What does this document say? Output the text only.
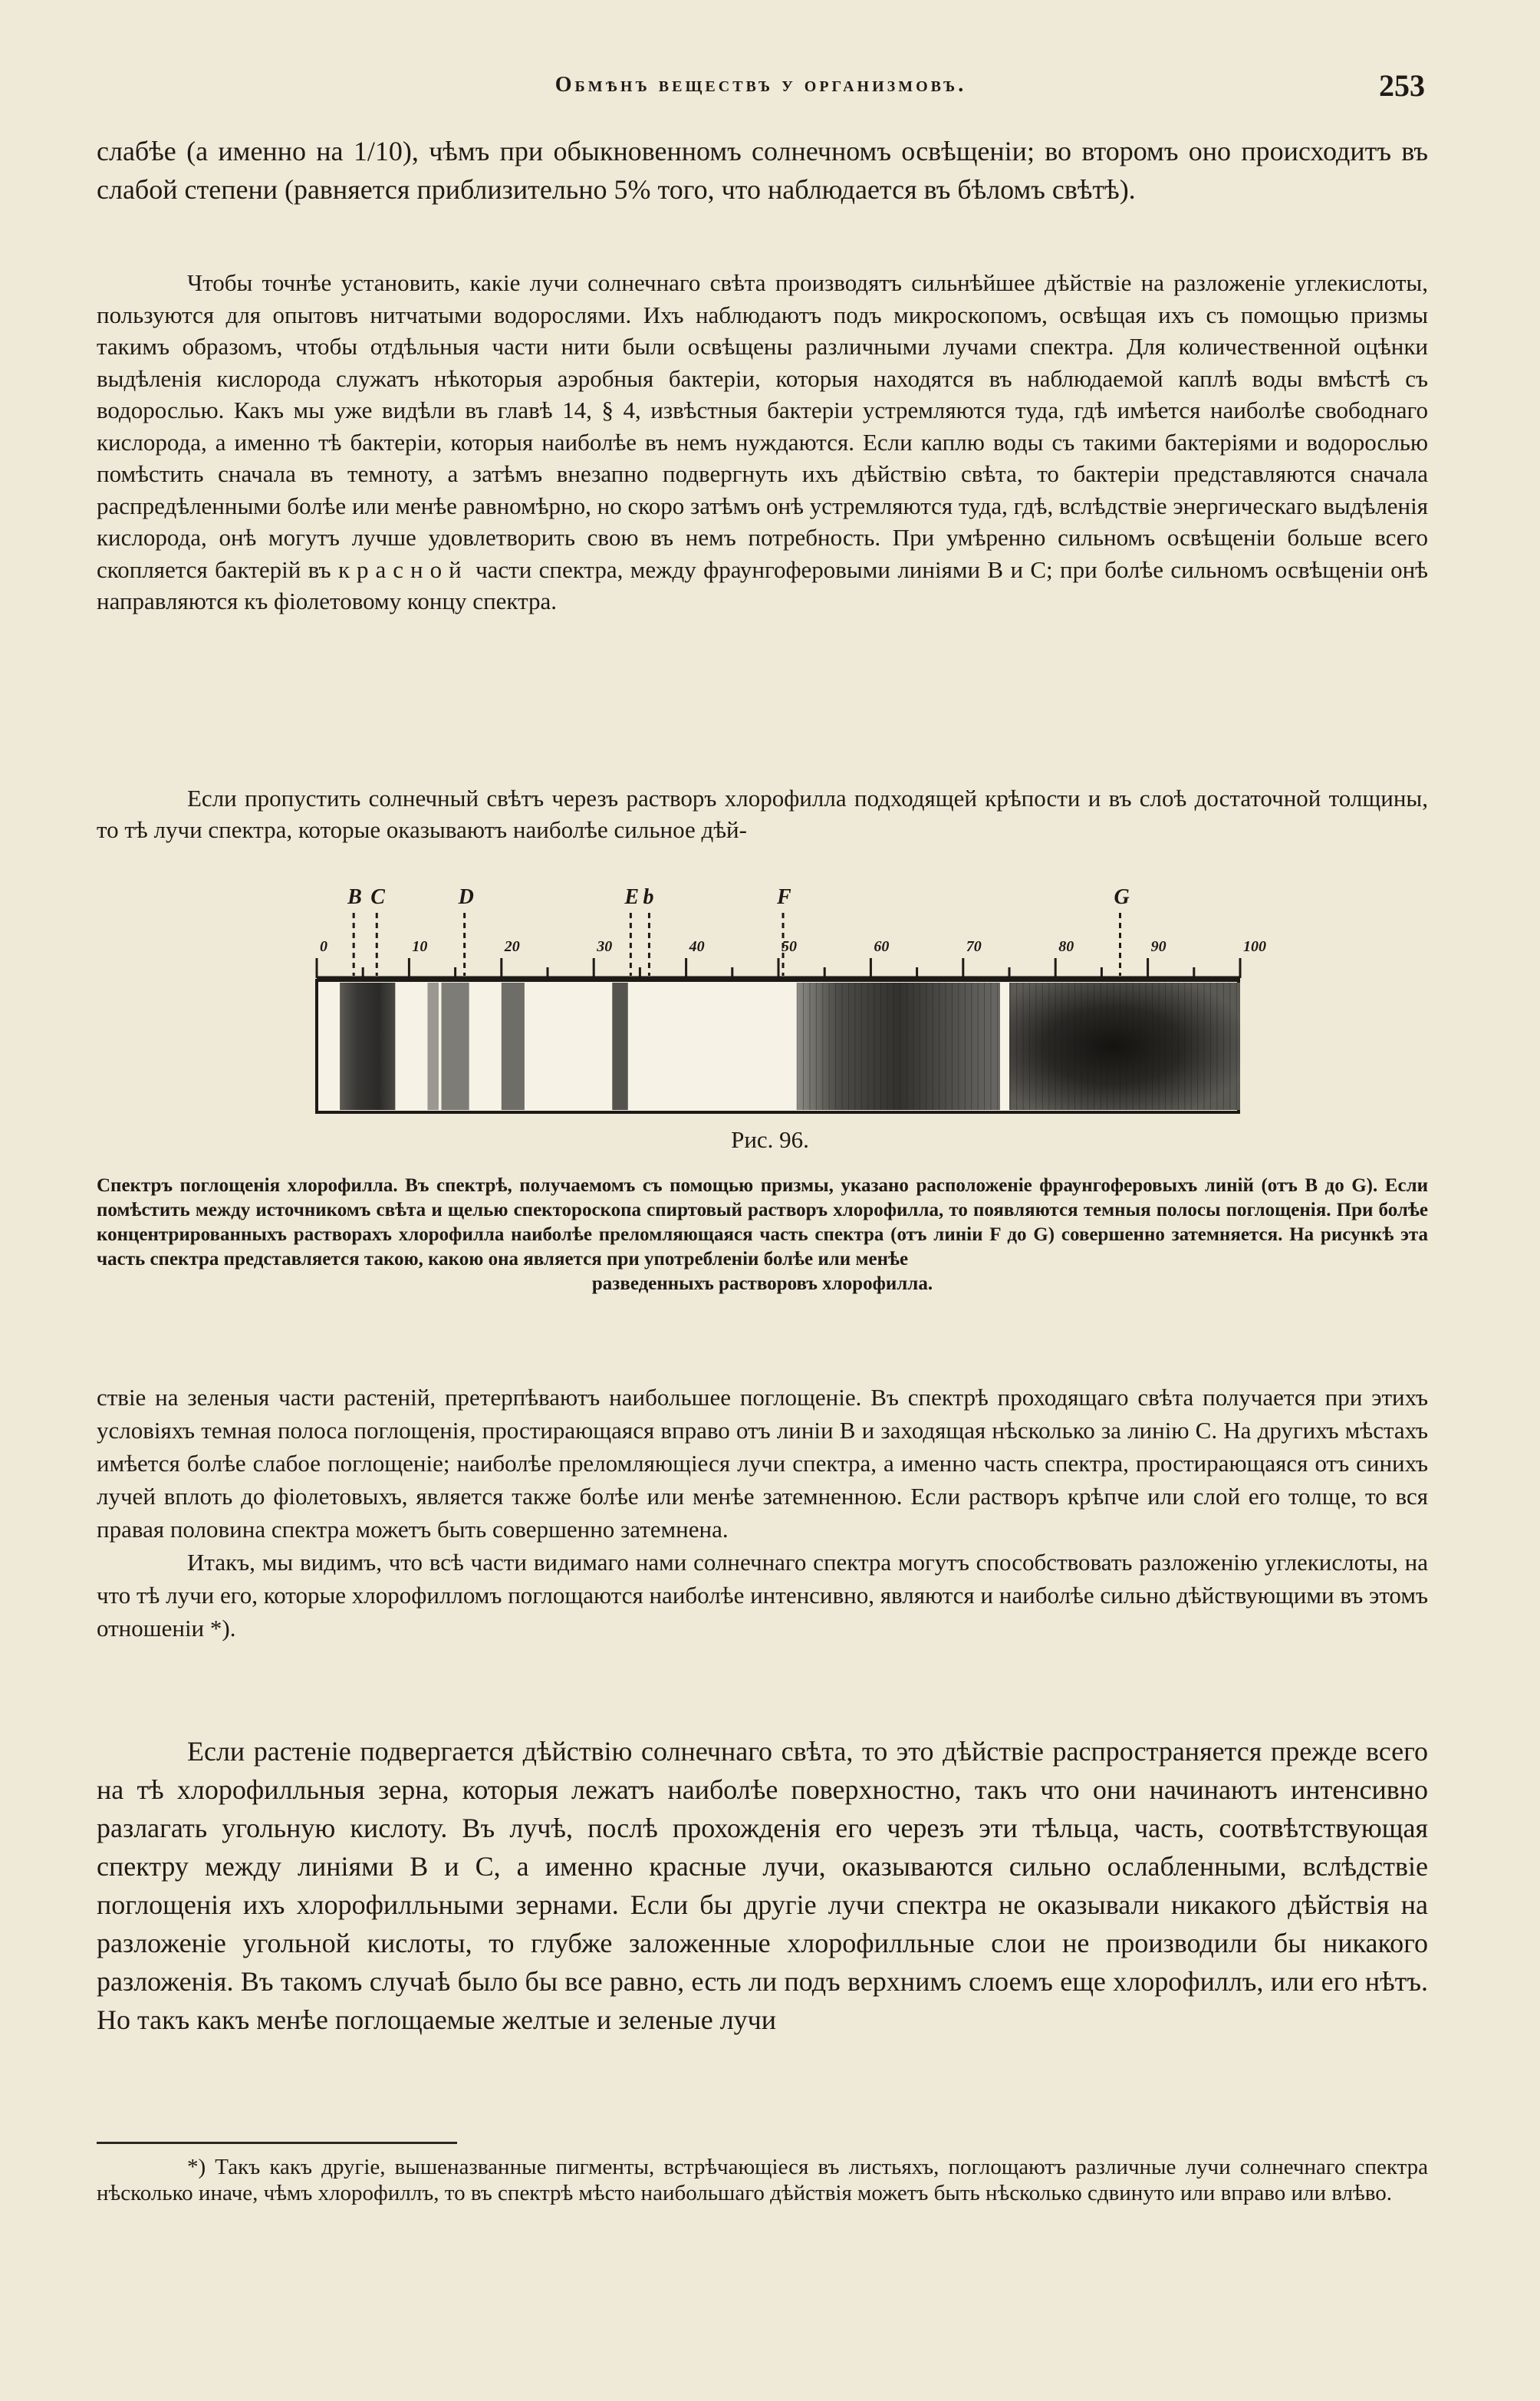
Обмѣнъ веществъ у организмовъ.	253

слабѣе (а именно на 1/10), чѣмъ при обыкновенномъ солнечномъ освѣщеніи; во второмъ оно происходитъ въ слабой степени (равняется приблизительно 5% того, что наблюдается въ бѣломъ свѣтѣ).

Чтобы точнѣе установить, какіе лучи солнечнаго свѣта производятъ сильнѣйшее дѣйствіе на разложеніе углекислоты, пользуются для опытовъ нитчатыми водорослями. Ихъ наблюдаютъ подъ микроскопомъ, освѣщая ихъ съ помощью призмы такимъ образомъ, чтобы отдѣльныя части нити были освѣщены различными лучами спектра. Для количественной оцѣнки выдѣленія кислорода служатъ нѣкоторыя аэробныя бактеріи, которыя находятся въ наблюдаемой каплѣ воды вмѣстѣ съ водорослью. Какъ мы уже видѣли въ главѣ 14, § 4, извѣстныя бактеріи устремляются туда, гдѣ имѣется наиболѣе свободнаго кислорода, а именно тѣ бактеріи, которыя наиболѣе въ немъ нуждаются. Если каплю воды съ такими бактеріями и водорослью помѣстить сначала въ темноту, а затѣмъ внезапно подвергнуть ихъ дѣйствію свѣта, то бактеріи представляются сначала распредѣленными болѣе или менѣе равномѣрно, но скоро затѣмъ онѣ устремляются туда, гдѣ, вслѣдствіе энергическаго выдѣленія кислорода, онѣ могутъ лучше удовлетворить свою въ немъ потребность. При умѣренно сильномъ освѣщеніи больше всего скопляется бактерій въ красной части спектра, между фраунгоферовыми линіями B и C; при болѣе сильномъ освѣщеніи онѣ направляются къ фіолетовому концу спектра.

Если пропустить солнечный свѣтъ черезъ растворъ хлорофилла подходящей крѣпости и въ слоѣ достаточной толщины, то тѣ лучи спектра, которые оказываютъ наиболѣе сильное дѣй-

0	10	20	30	40	50	60	70	80	90	100
B C	D	E b	F	G
Рис. 96.

Спектръ поглощенія хлорофилла. Въ спектрѣ, получаемомъ съ помощью призмы, указано расположеніе фраунгоферовыхъ линій (отъ B до G). Если помѣстить между источникомъ свѣта и щелью спектороскопа спиртовый растворъ хлорофилла, то появляются темныя полосы поглощенія. При болѣе концентрированныхъ растворахъ хлорофилла наиболѣе преломляющаяся часть спектра (отъ линіи F до G) совершенно затемняется. На рисункѣ эта часть спектра представляется такою, какою она является при употребленіи болѣе или менѣе

разведенныхъ растворовъ хлорофилла.

ствіе на зеленыя части растеній, претерпѣваютъ наибольшее поглощеніе. Въ спектрѣ проходящаго свѣта получается при этихъ условіяхъ темная полоса поглощенія, простирающаяся вправо отъ линіи B и заходящая нѣсколько за линію C. На другихъ мѣстахъ имѣется болѣе слабое поглощеніе; наиболѣе преломляющіеся лучи спектра, а именно часть спектра, простирающаяся отъ синихъ лучей вплоть до фіолетовыхъ, является также болѣе или менѣе затемненною. Если растворъ крѣпче или слой его толще, то вся правая половина спектра можетъ быть совершенно затемнена.

Итакъ, мы видимъ, что всѣ части видимаго нами солнечнаго спектра могутъ способствовать разложенію углекислоты, на что тѣ лучи его, которые хлорофилломъ поглощаются наиболѣе интенсивно, являются и наиболѣе сильно дѣйствующими въ этомъ отношеніи *).

Если растеніе подвергается дѣйствію солнечнаго свѣта, то это дѣйствіе распространяется прежде всего на тѣ хлорофилльныя зерна, которыя лежатъ наиболѣе поверхностно, такъ что они начинаютъ интенсивно разлагать угольную кислоту. Въ лучѣ, послѣ прохожденія его черезъ эти тѣльца, часть, соотвѣтствующая спектру между линіями B и C, а именно красные лучи, оказываются сильно ослабленными, вслѣдствіе поглощенія ихъ хлорофилльными зернами. Если бы другіе лучи спектра не оказывали никакого дѣйствія на разложеніе угольной кислоты, то глубже заложенные хлорофилльные слои не производили бы никакого разложенія. Въ такомъ случаѣ было бы все равно, есть ли подъ верхнимъ слоемъ еще хлорофиллъ, или его нѣтъ. Но такъ какъ менѣе поглощаемые желтые и зеленые лучи

*) Такъ какъ другіе, вышеназванные пигменты, встрѣчающіеся въ листьяхъ, поглощаютъ различные лучи солнечнаго спектра нѣсколько иначе, чѣмъ хлорофиллъ, то въ спектрѣ мѣсто наибольшаго дѣйствія можетъ быть нѣсколько сдвинуто или вправо или влѣво.
